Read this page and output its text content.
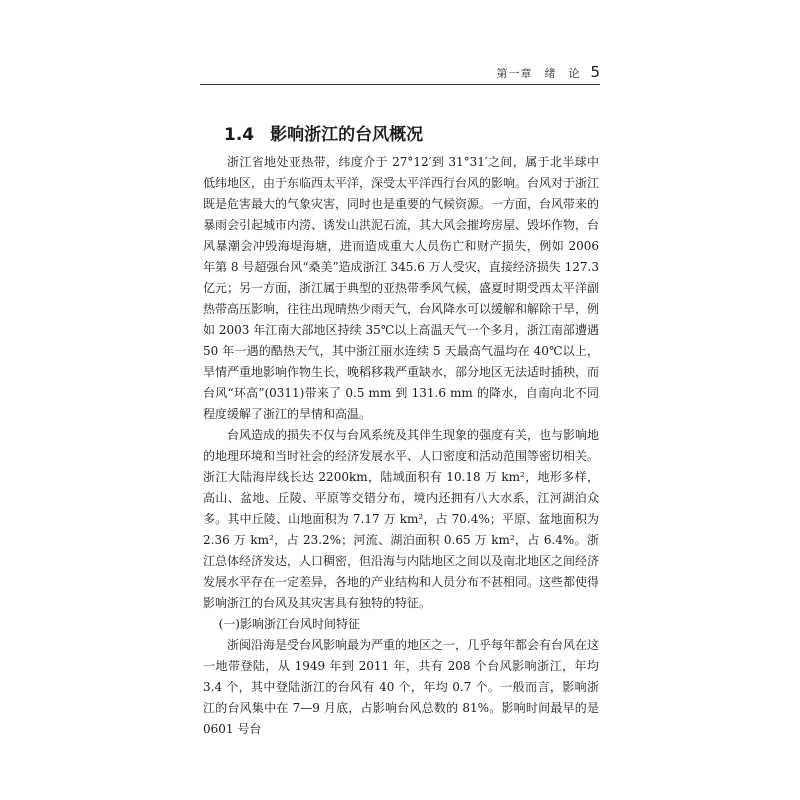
第一章　绪　论 5
1.4 影响浙江的台风概况

浙江省地处亚热带，纬度介于 27°12′到 31°31′之间，属于北半球中低纬地区，由于东临西太平洋，深受太平洋西行台风的影响。台风对于浙江既是危害最大的气象灾害，同时也是重要的气候资源。一方面，台风带来的暴雨会引起城市内涝、诱发山洪泥石流，其大风会摧垮房屋、毁坏作物，台风暴潮会冲毁海堤海塘，进而造成重大人员伤亡和财产损失，例如 2006 年第 8 号超强台风“桑美”造成浙江 345.6 万人受灾，直接经济损失 127.3 亿元；另一方面，浙江属于典型的亚热带季风气候，盛夏时期受西太平洋副热带高压影响，往往出现晴热少雨天气，台风降水可以缓解和解除干旱，例如 2003 年江南大部地区持续 35℃以上高温天气一个多月，浙江南部遭遇 50 年一遇的酷热天气，其中浙江丽水连续 5 天最高气温均在 40℃以上，旱情严重地影响作物生长，晚稻移栽严重缺水，部分地区无法适时插秧，而台风“环高”(0311)带来了 0.5 mm 到 131.6 mm 的降水，自南向北不同程度缓解了浙江的旱情和高温。

台风造成的损失不仅与台风系统及其伴生现象的强度有关，也与影响地的地理环境和当时社会的经济发展水平、人口密度和活动范围等密切相关。浙江大陆海岸线长达 2200km，陆域面积有 10.18 万 km²，地形多样，高山、盆地、丘陵、平原等交错分布，境内还拥有八大水系，江河湖泊众多。其中丘陵、山地面积为 7.17 万 km²，占 70.4%；平原、盆地面积为 2.36 万 km²，占 23.2%；河流、湖泊面积 0.65 万 km²，占 6.4%。浙江总体经济发达，人口稠密，但沿海与内陆地区之间以及南北地区之间经济发展水平存在一定差异，各地的产业结构和人员分布不甚相同。这些都使得影响浙江的台风及其灾害具有独特的特征。

(一)影响浙江台风时间特征

浙闽沿海是受台风影响最为严重的地区之一，几乎每年都会有台风在这一地带登陆，从 1949 年到 2011 年，共有 208 个台风影响浙江，年均 3.4 个，其中登陆浙江的台风有 40 个，年均 0.7 个。一般而言，影响浙江的台风集中在 7—9 月底，占影响台风总数的 81%。影响时间最早的是 0601 号台
